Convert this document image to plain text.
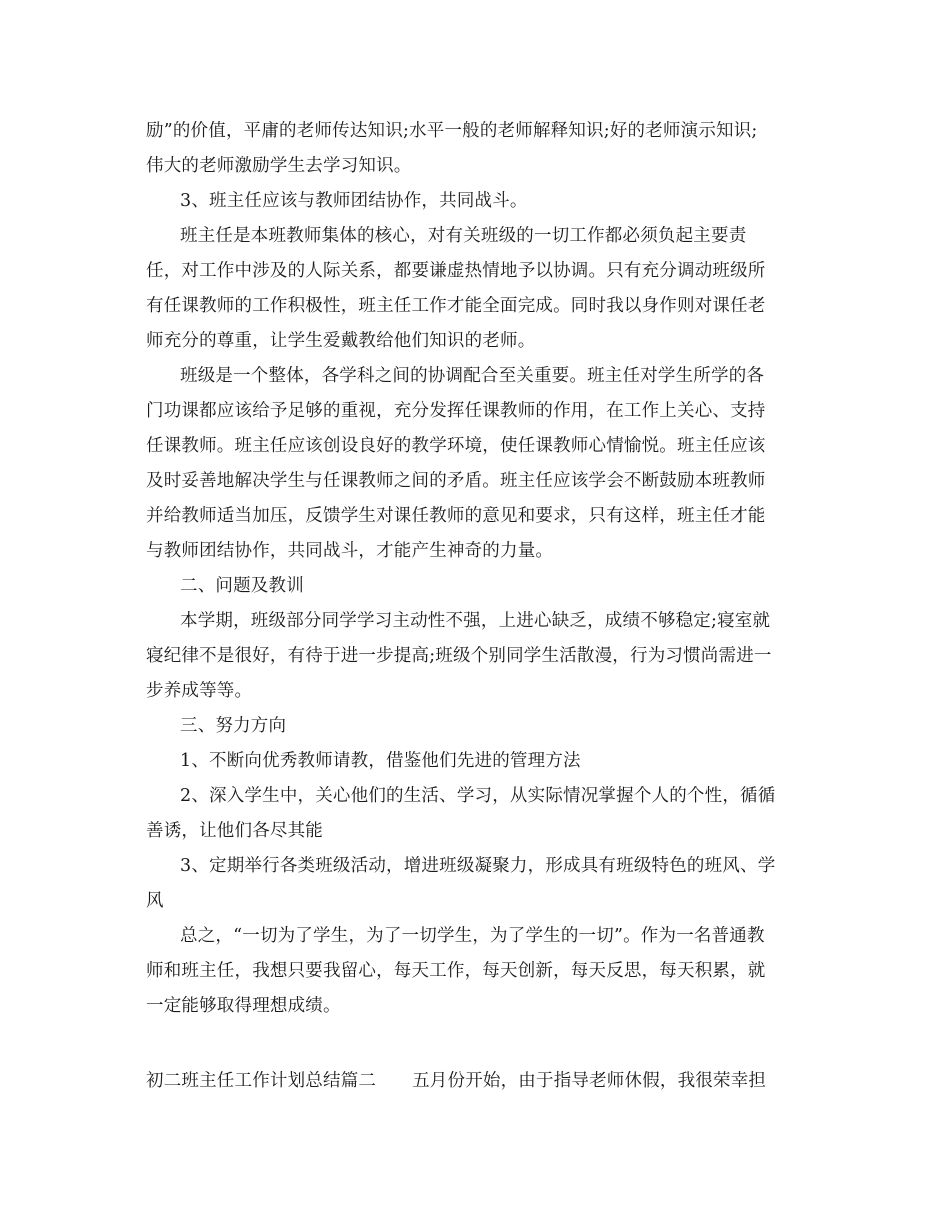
励”的价值，平庸的老师传达知识;水平一般的老师解释知识;好的老师演示知识;
伟大的老师激励学生去学习知识。
3、班主任应该与教师团结协作，共同战斗。
班主任是本班教师集体的核心，对有关班级的一切工作都必须负起主要责
任，对工作中涉及的人际关系，都要谦虚热情地予以协调。只有充分调动班级所
有任课教师的工作积极性，班主任工作才能全面完成。同时我以身作则对课任老
师充分的尊重，让学生爱戴教给他们知识的老师。
班级是一个整体，各学科之间的协调配合至关重要。班主任对学生所学的各
门功课都应该给予足够的重视，充分发挥任课教师的作用，在工作上关心、支持
任课教师。班主任应该创设良好的教学环境，使任课教师心情愉悦。班主任应该
及时妥善地解决学生与任课教师之间的矛盾。班主任应该学会不断鼓励本班教师
并给教师适当加压，反馈学生对课任教师的意见和要求，只有这样，班主任才能
与教师团结协作，共同战斗，才能产生神奇的力量。
二、问题及教训
本学期，班级部分同学学习主动性不强，上进心缺乏，成绩不够稳定;寝室就
寝纪律不是很好，有待于进一步提高;班级个别同学生活散漫，行为习惯尚需进一
步养成等等。
三、努力方向
1、不断向优秀教师请教，借鉴他们先进的管理方法
2、深入学生中，关心他们的生活、学习，从实际情况掌握个人的个性，循循
善诱，让他们各尽其能
3、定期举行各类班级活动，增进班级凝聚力，形成具有班级特色的班风、学
风
总之，“一切为了学生，为了一切学生，为了学生的一切”。作为一名普通教
师和班主任，我想只要我留心，每天工作，每天创新，每天反思，每天积累，就
一定能够取得理想成绩。
初二班主任工作计划总结篇二 五月份开始，由于指导老师休假，我很荣幸担
